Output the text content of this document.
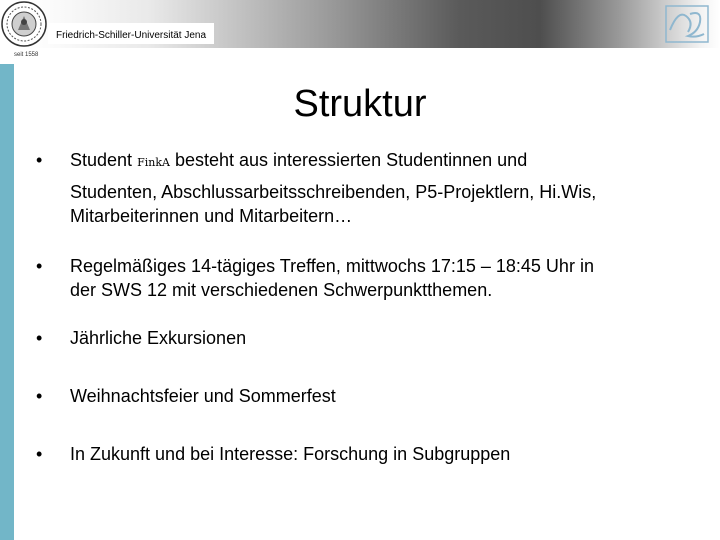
Friedrich-Schiller-Universität Jena
seit 1558
Struktur
• Student FinkA besteht aus interessierten Studentinnen und
Studenten, Abschlussarbeitsschreibenden, P5-Projektlern, Hi.Wis,
Mitarbeiterinnen und Mitarbeitern…
• Regelmäßiges 14-tägiges Treffen, mittwochs 17:15 – 18:45 Uhr in
der SWS 12 mit verschiedenen Schwerpunktthemen.
• Jährliche Exkursionen
• Weihnachtsfeier und Sommerfest
• In Zukunft und bei Interesse: Forschung in Subgruppen
